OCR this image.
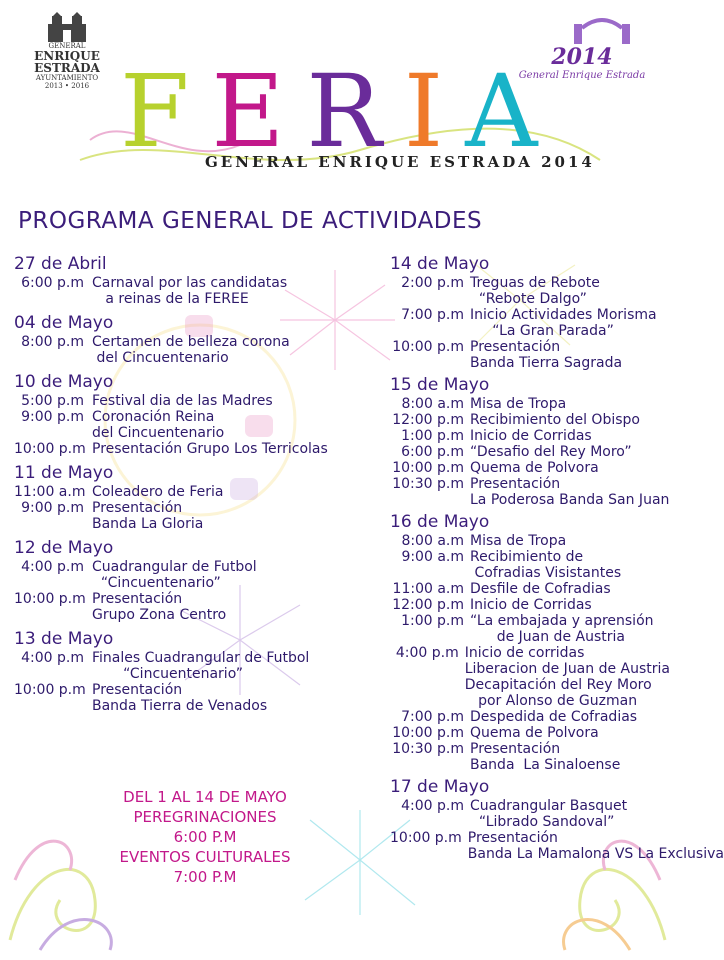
GENERAL
ENRIQUE
ESTRADA
AYUNTAMIENTO
2013 • 2016
2014
General Enrique Estrada
F E R I A
GENERAL ENRIQUE ESTRADA 2014
PROGRAMA GENERAL DE ACTIVIDADES
27 de Abril
6:00 p.m Carnaval por las candidatas
a reinas de la FEREE
04 de Mayo
8:00 p.m Certamen de belleza corona
del Cincuentenario
10 de Mayo
5:00 p.m Festival dia de las Madres
9:00 p.m Coronación Reina
del Cincuentenario
10:00 p.m Presentación Grupo Los Terricolas
11 de Mayo
11:00 a.m Coleadero de Feria
9:00 p.m Presentación
Banda La Gloria
12 de Mayo
4:00 p.m Cuadrangular de Futbol
“Cincuentenario”
10:00 p.m Presentación
Grupo Zona Centro
13 de Mayo
4:00 p.m Finales Cuadrangular de Futbol
“Cincuentenario”
10:00 p.m Presentación
Banda Tierra de Venados
14 de Mayo
2:00 p.m Treguas de Rebote
“Rebote Dalgo”
7:00 p.m Inicio Actividades Morisma
“La Gran Parada”
10:00 p.m Presentación
Banda Tierra Sagrada
15 de Mayo
8:00 a.m Misa de Tropa
12:00 p.m Recibimiento del Obispo
1:00 p.m Inicio de Corridas
6:00 p.m “Desafio del Rey Moro”
10:00 p.m Quema de Polvora
10:30 p.m Presentación
La Poderosa Banda San Juan
16 de Mayo
8:00 a.m Misa de Tropa
9:00 a.m Recibimiento de
Cofradias Visistantes
11:00 a.m Desfile de Cofradias
12:00 p.m Inicio de Corridas
1:00 p.m “La embajada y aprensión
de Juan de Austria
4:00 p.m Inicio de corridas
Liberacion de Juan de Austria
Decapitación del Rey Moro
por Alonso de Guzman
7:00 p.m Despedida de Cofradias
10:00 p.m Quema de Polvora
10:30 p.m Presentación
Banda  La Sinaloense
17 de Mayo
4:00 p.m Cuadrangular Basquet
“Librado Sandoval”
10:00 p.m Presentación
Banda La Mamalona VS La Exclusiva
DEL 1 AL 14 DE MAYO
PEREGRINACIONES
6:00 P.M
EVENTOS CULTURALES
7:00 P.M
